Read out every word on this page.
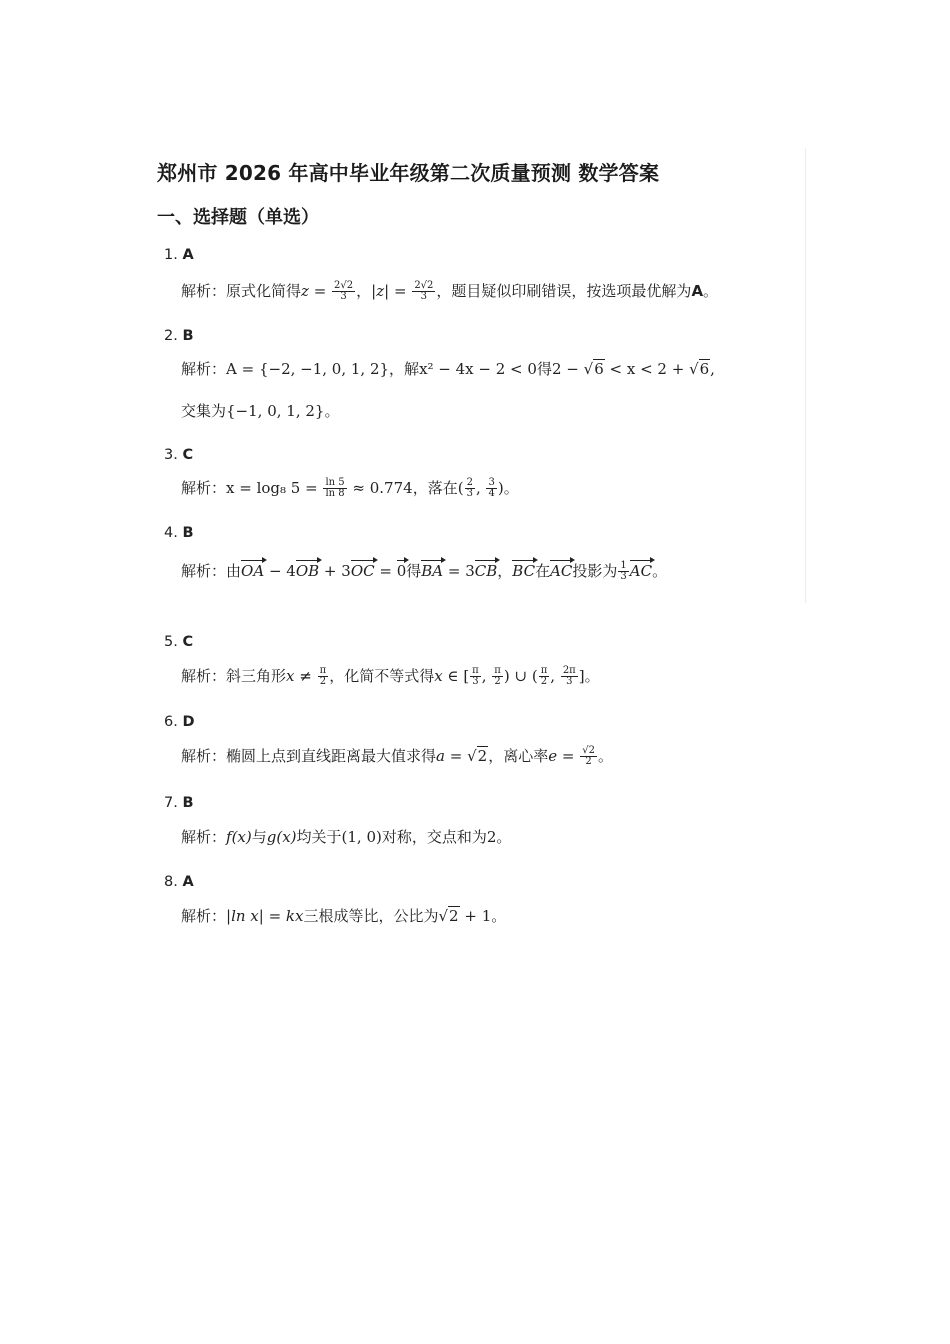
郑州市 2026 年高中毕业年级第二次质量预测 数学答案
一、选择题（单选）
1. A
解析：原式化简得$z = \frac{2√2}{3}$ ，$|z| = \frac{2√2}{3}$ ，题目疑似印刷错误，按选项最优解为A。
2. B
解析：A = {−2, −1, 0, 1, 2}，解x² − 4x − 2 < 0得2 − √6 < x < 2 + √6,
交集为{−1, 0, 1, 2}。
3. C
解析：x = log₈ $5 = \frac{\ln 5}{\ln 8} \approx 0.774$，落在( $\frac{2}{3}$ , $\frac{3}{4}$ )。
4. B
解析：由OA − 4OB + 3OC = 0得BA = 3CB，BC在AC投影为 $\frac{1}{3}$ AC。
5. C
解析：斜三角形$x \ne \frac{\pi}{2}$ ，化简不等式得x ∈ [ $\frac{\pi}{3}$ , $\frac{\pi}{2}$ ) ∪ ( $\frac{\pi}{2}$ , $\frac{2\pi}{3}$ ]。
6. D
解析：椭圆上点到直线距离最大值求得a = √2，离心率$e = \frac{√2}{2}$ 。
7. B
解析：f(x)与g(x)均关于(1, 0)对称，交点和为2。
8. A
解析：|ln x| = kx三根成等比，公比为√2 + 1。
